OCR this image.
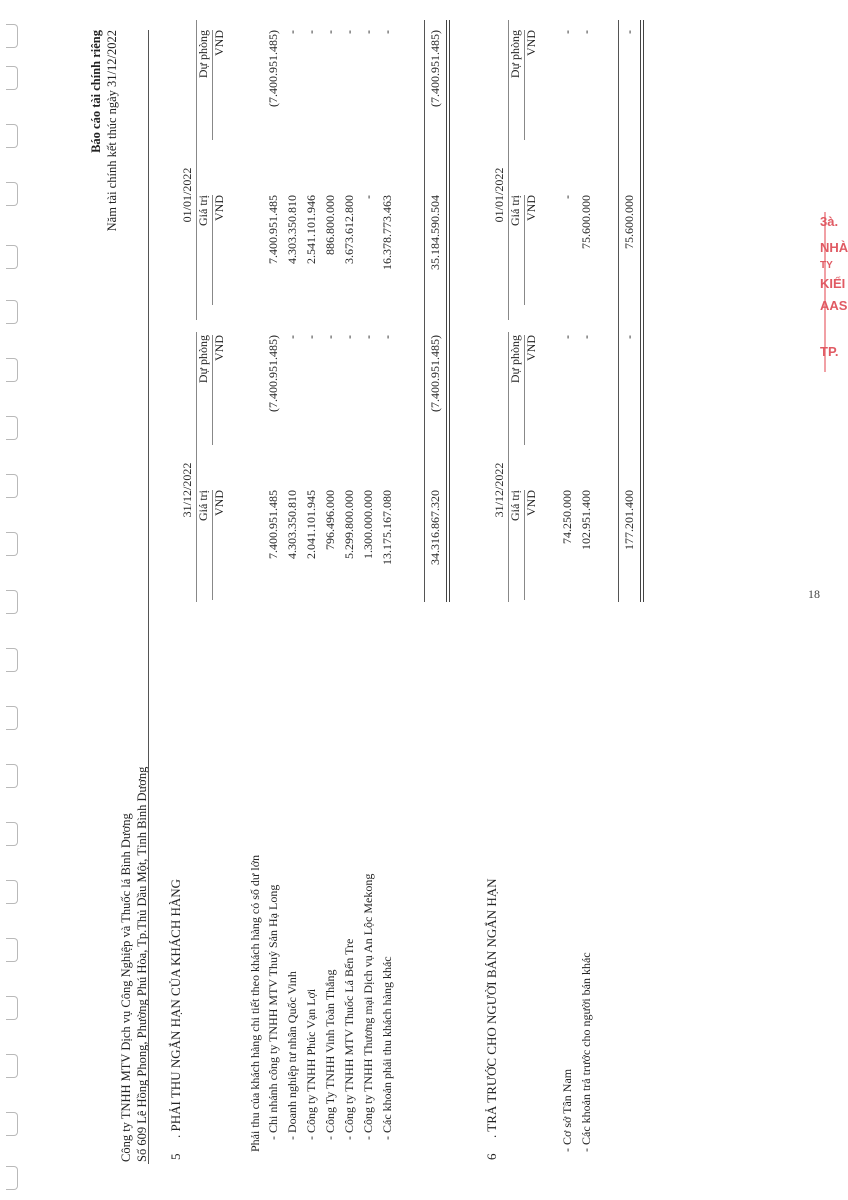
3à.
NHÀ
TY
KIỂI
AAS
TP.
18
Công ty TNHH MTV Dịch vụ Công Nghiệp và Thuốc lá Bình Dương Số 609 Lê Hồng Phong, Phường Phú Hòa, Tp.Thủ Dầu Một, Tỉnh Bình Dương
Báo cáo tài chính riêng Năm tài chính kết thúc ngày 31/12/2022
5
. PHẢI THU NGẮN HẠN CỦA KHÁCH HÀNG
31/12/2022
01/01/2022
Giá trị
Dự phòng
Giá trị
Dự phòng
VND
VND
VND
VND
Phải thu của khách hàng chi tiết theo khách hàng có số dư lớn - Chi nhánh công ty TNHH MTV Thuỷ Sản Hạ Long
7.400.951.485
(7.400.951.485)
7.400.951.485
(7.400.951.485)
- Doanh nghiệp tư nhân Quốc Vinh
4.303.350.810
-
4.303.350.810
-
- Công ty TNHH Phúc Vạn Lợi
2.041.101.945
-
2.541.101.946
-
- Công Ty TNHH Vinh Toàn Thắng
796.496.000
-
886.800.000
-
- Công ty TNHH MTV Thuốc Lá Bến Tre
5.299.800.000
-
3.673.612.800
-
- Công ty TNHH Thương mại Dịch vụ An Lộc Mekong
1.300.000.000
-
-
-
- Các khoản phải thu khách hàng khác
13.175.167.080
-
16.378.773.463
-
34.316.867.320
(7.400.951.485)
35.184.590.504
(7.400.951.485)
6
. TRẢ TRƯỚC CHO NGƯỜI BÁN NGẮN HẠN
31/12/2022
01/01/2022
Giá trị
Dự phòng
Giá trị
Dự phòng
VND
VND
VND
VND
- Cơ sở Tân Nam
74.250.000
-
-
-
- Các khoản trả trước cho người bán khác
102.951.400
-
75.600.000
-
177.201.400
-
75.600.000
-
